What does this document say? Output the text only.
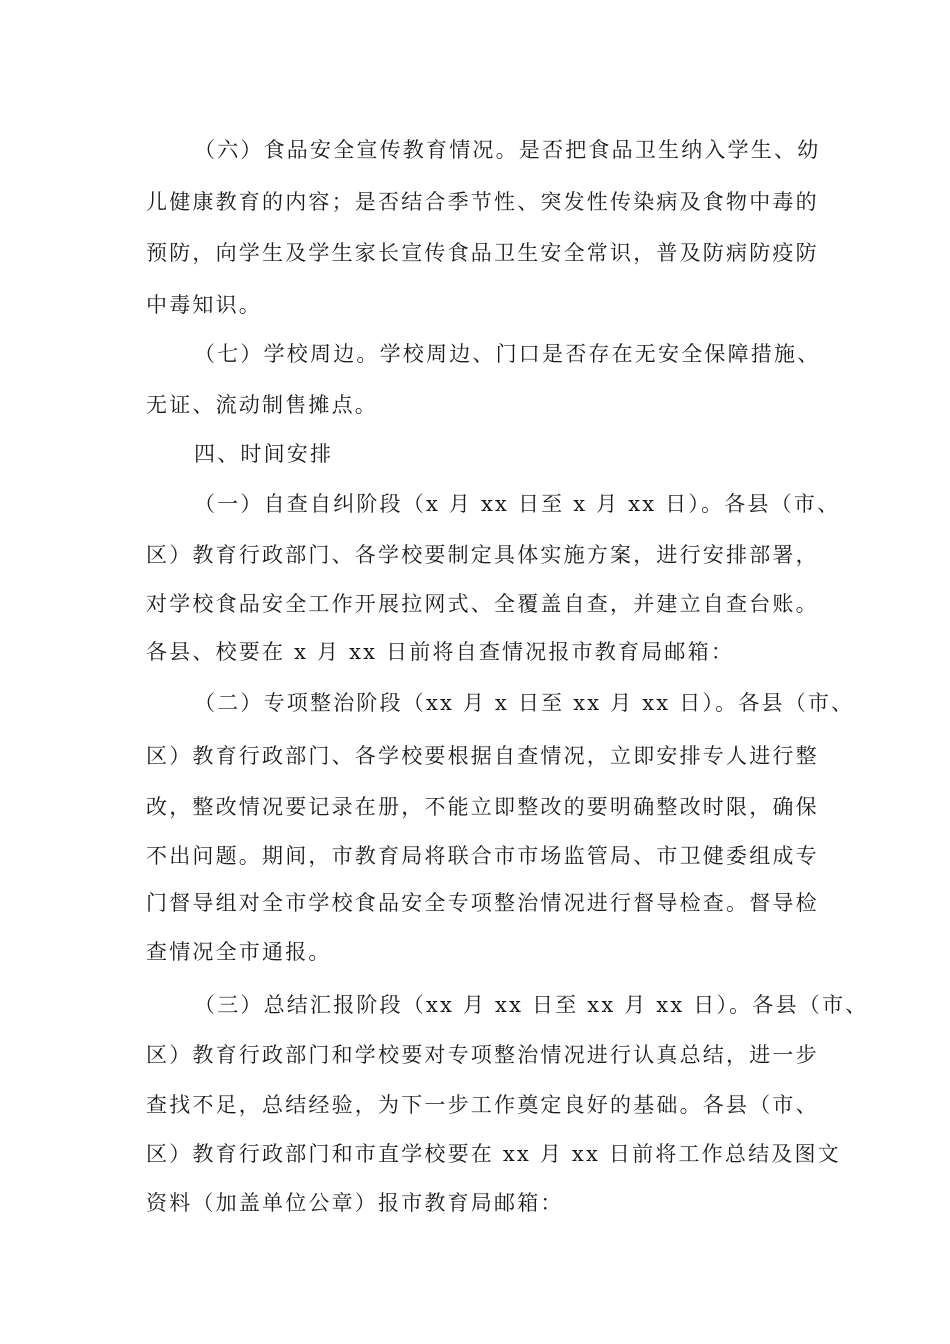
（六）食品安全宣传教育情况。是否把食品卫生纳入学生、幼
儿健康教育的内容；是否结合季节性、突发性传染病及食物中毒的
预防，向学生及学生家长宣传食品卫生安全常识，普及防病防疫防
中毒知识。
（七）学校周边。学校周边、门口是否存在无安全保障措施、
无证、流动制售摊点。
四、时间安排
（一）自查自纠阶段（x 月 xx 日至 x 月 xx 日）。各县（市、
区）教育行政部门、各学校要制定具体实施方案，进行安排部署，
对学校食品安全工作开展拉网式、全覆盖自查，并建立自查台账。
各县、校要在 x 月 xx 日前将自查情况报市教育局邮箱：
（二）专项整治阶段（xx 月 x 日至 xx 月 xx 日）。各县（市、
区）教育行政部门、各学校要根据自查情况，立即安排专人进行整
改，整改情况要记录在册，不能立即整改的要明确整改时限，确保
不出问题。期间，市教育局将联合市市场监管局、市卫健委组成专
门督导组对全市学校食品安全专项整治情况进行督导检查。督导检
查情况全市通报。
（三）总结汇报阶段（xx 月 xx 日至 xx 月 xx 日）。各县（市、
区）教育行政部门和学校要对专项整治情况进行认真总结，进一步
查找不足，总结经验，为下一步工作奠定良好的基础。各县（市、
区）教育行政部门和市直学校要在 xx 月 xx 日前将工作总结及图文
资料（加盖单位公章）报市教育局邮箱：
